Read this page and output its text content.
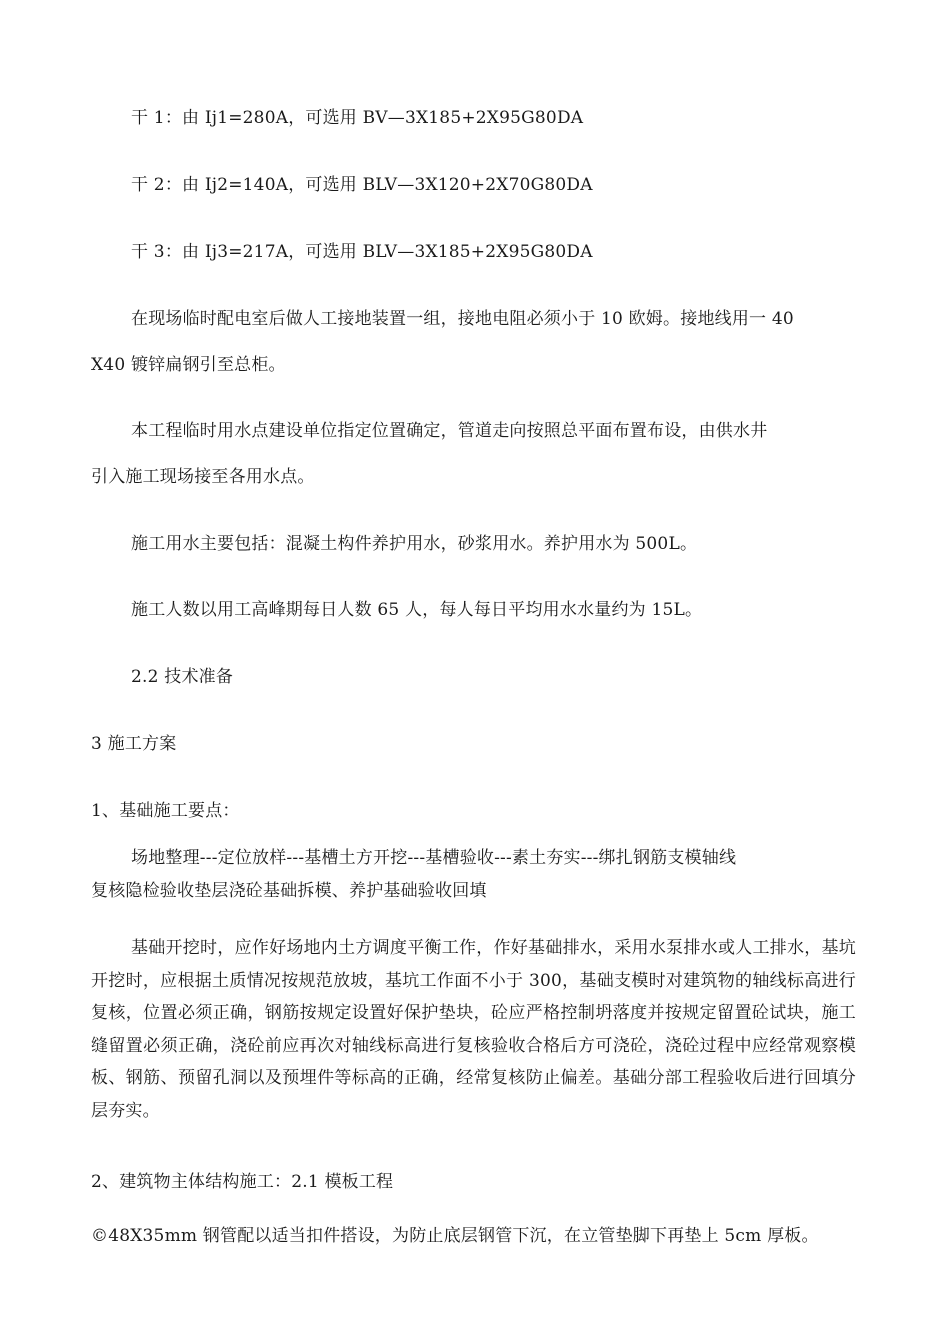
干 1：由 Ij1=280A，可选用 BV—3X185+2X95G80DA
干 2：由 Ij2=140A，可选用 BLV—3X120+2X70G80DA
干 3：由 Ij3=217A，可选用 BLV—3X185+2X95G80DA
在现场临时配电室后做人工接地装置一组，接地电阻必须小于 10 欧姆。接地线用一 40
X40 镀锌扁钢引至总柜。
本工程临时用水点建设单位指定位置确定，管道走向按照总平面布置布设，由供水井
引入施工现场接至各用水点。
施工用水主要包括：混凝土构件养护用水，砂浆用水。养护用水为 500L。
施工人数以用工高峰期每日人数 65 人，每人每日平均用水水量约为 15L。
2.2 技术准备
3 施工方案
1、基础施工要点：
场地整理---定位放样---基槽土方开挖---基槽验收---素土夯实---绑扎钢筋支模轴线
复核隐检验收垫层浇砼基础拆模、养护基础验收回填
基础开挖时，应作好场地内土方调度平衡工作，作好基础排水，采用水泵排水或人工排水，基坑开挖时，应根据土质情况按规范放坡，基坑工作面不小于 300，基础支模时对建筑物的轴线标高进行复核，位置必须正确，钢筋按规定设置好保护垫块，砼应严格控制坍落度并按规定留置砼试块，施工缝留置必须正确，浇砼前应再次对轴线标高进行复核验收合格后方可浇砼，浇砼过程中应经常观察模板、钢筋、预留孔洞以及预埋件等标高的正确，经常复核防止偏差。基础分部工程验收后进行回填分层夯实。
2、建筑物主体结构施工：2.1 模板工程
©48X35mm 钢管配以适当扣件搭设，为防止底层钢管下沉，在立管垫脚下再垫上 5cm 厚板。
